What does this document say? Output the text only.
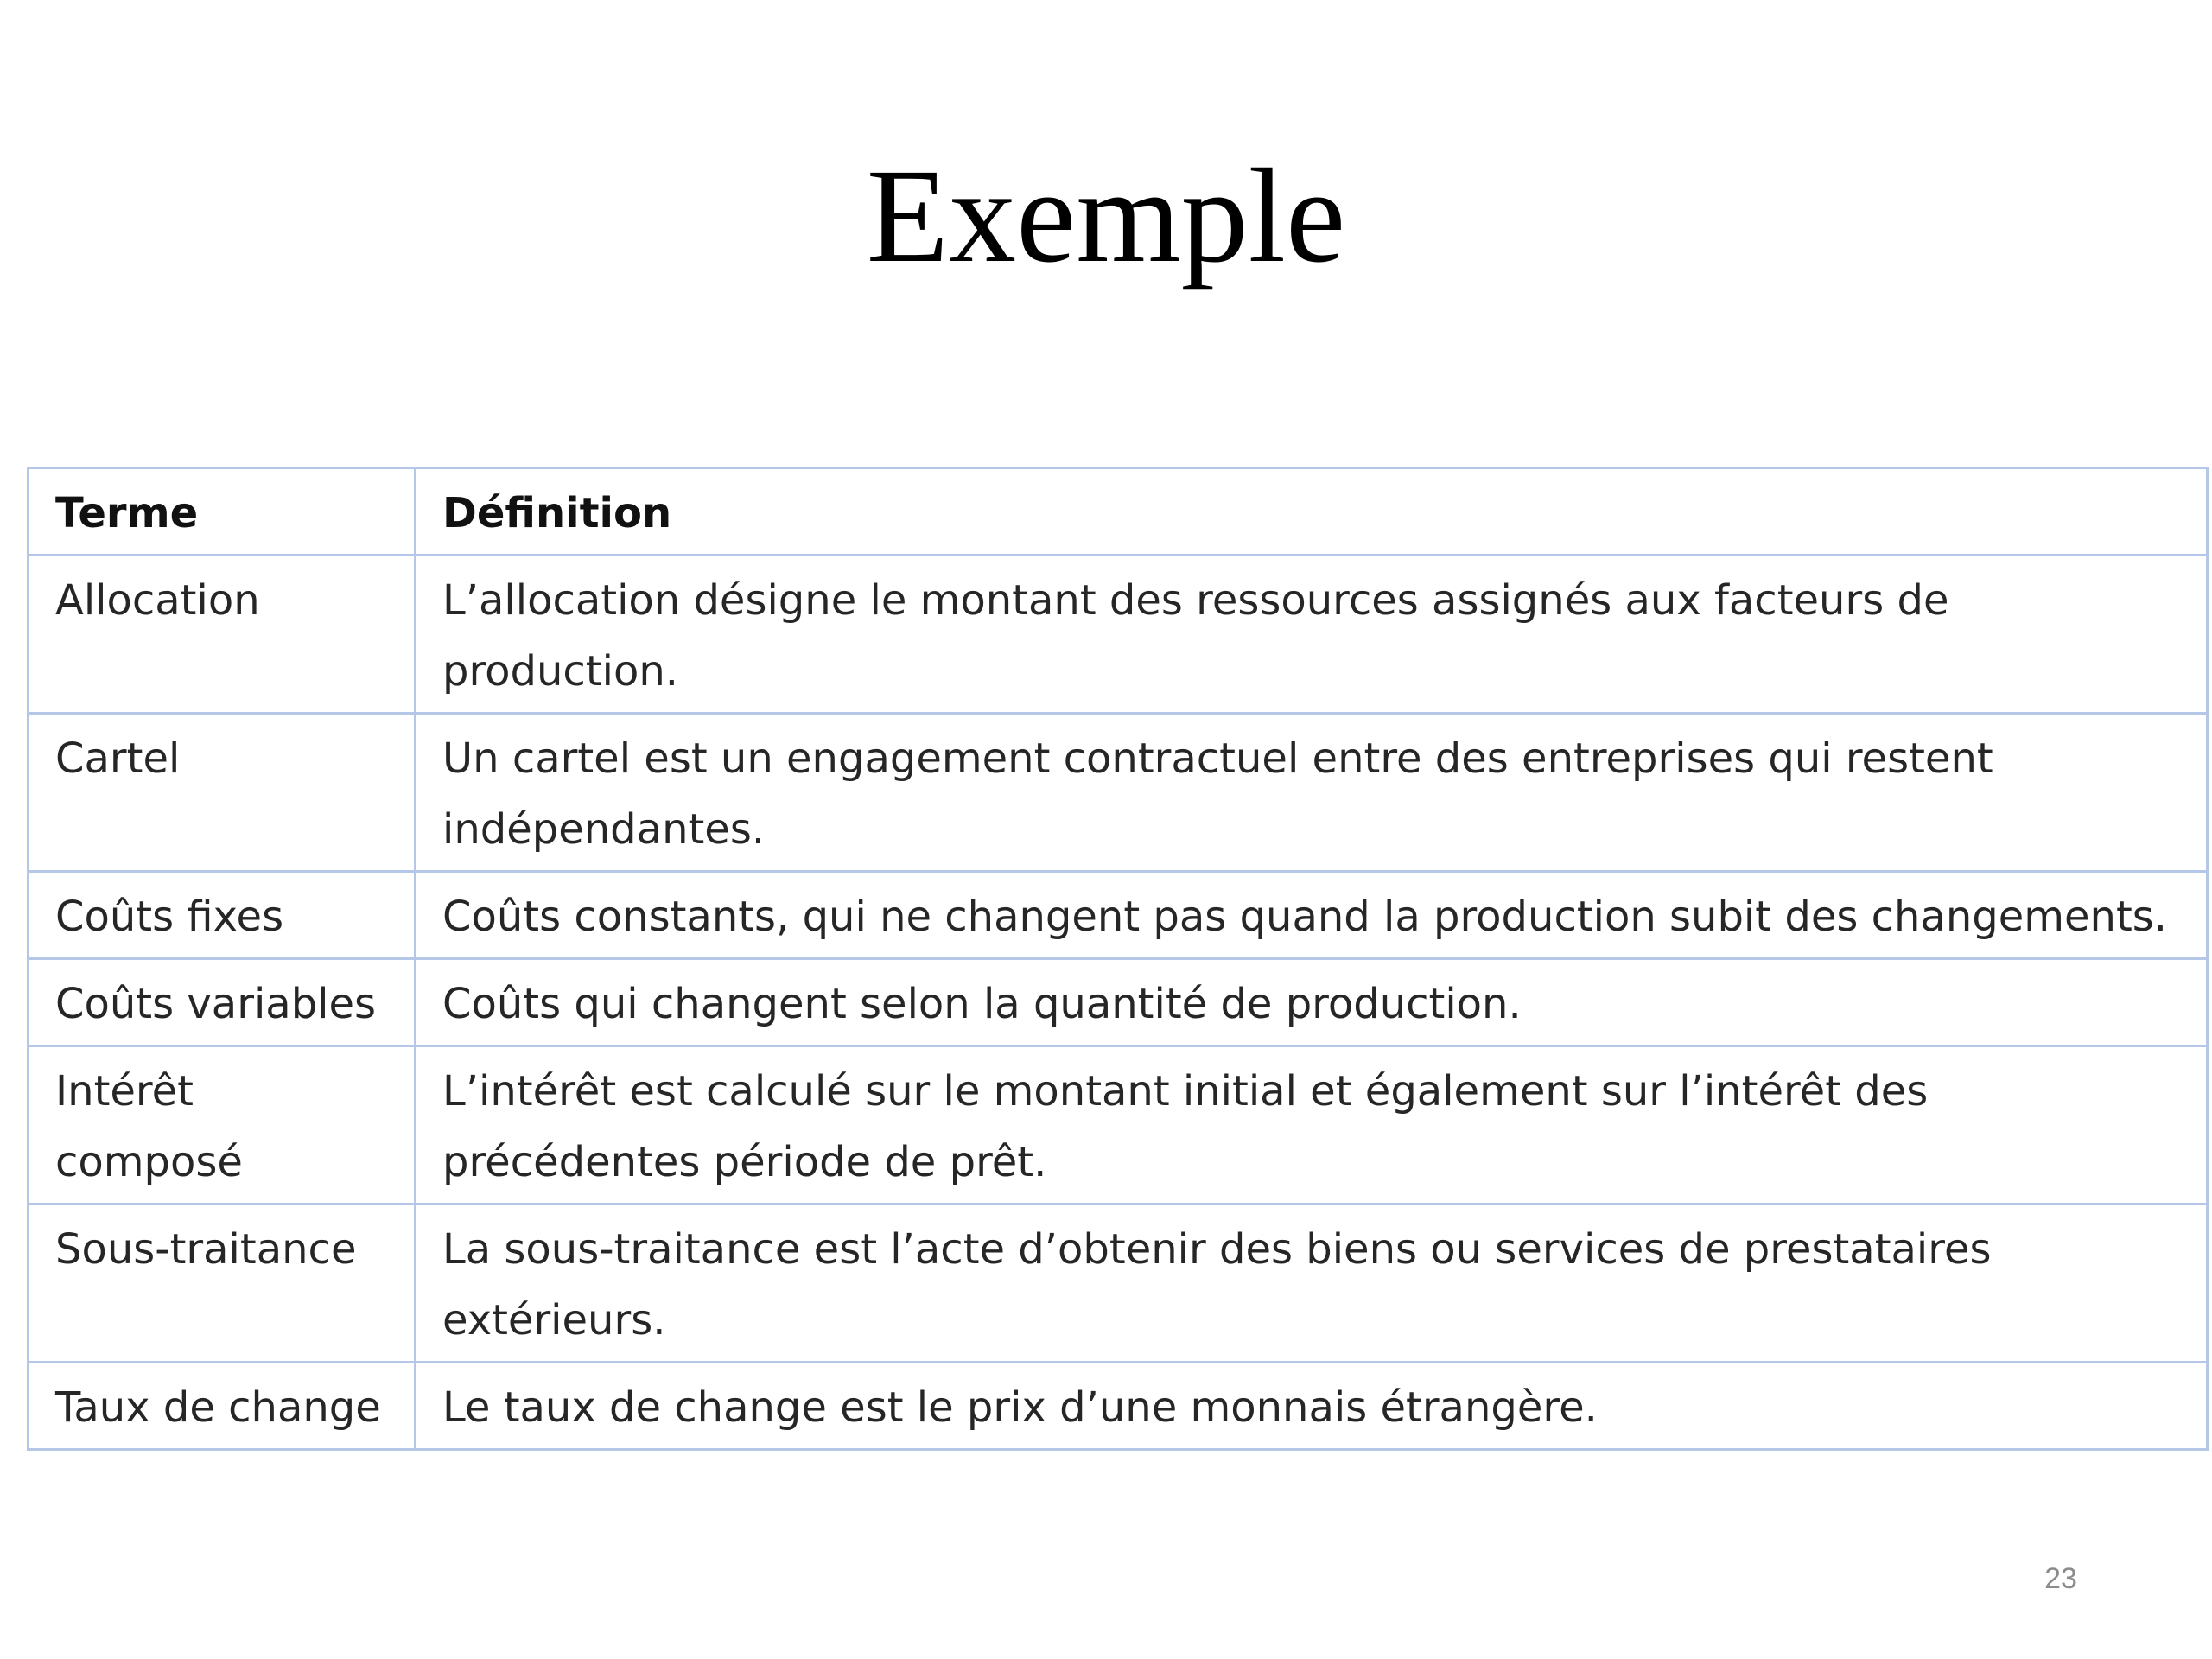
Exemple
Terme	Définition
Allocation	L’allocation désigne le montant des ressources assignés aux facteurs de production.
Cartel	Un cartel est un engagement contractuel entre des entreprises qui restent indépendantes.
Coûts fixes	Coûts constants, qui ne changent pas quand la production subit des changements.
Coûts variables	Coûts qui changent selon la quantité de production.
Intérêt composé	L’intérêt est calculé sur le montant initial et également sur l’intérêt des précédentes période de prêt.
Sous-traitance	La sous-traitance est l’acte d’obtenir des biens ou services de prestataires extérieurs.
Taux de change	Le taux de change est le prix d’une monnais étrangère.
23
